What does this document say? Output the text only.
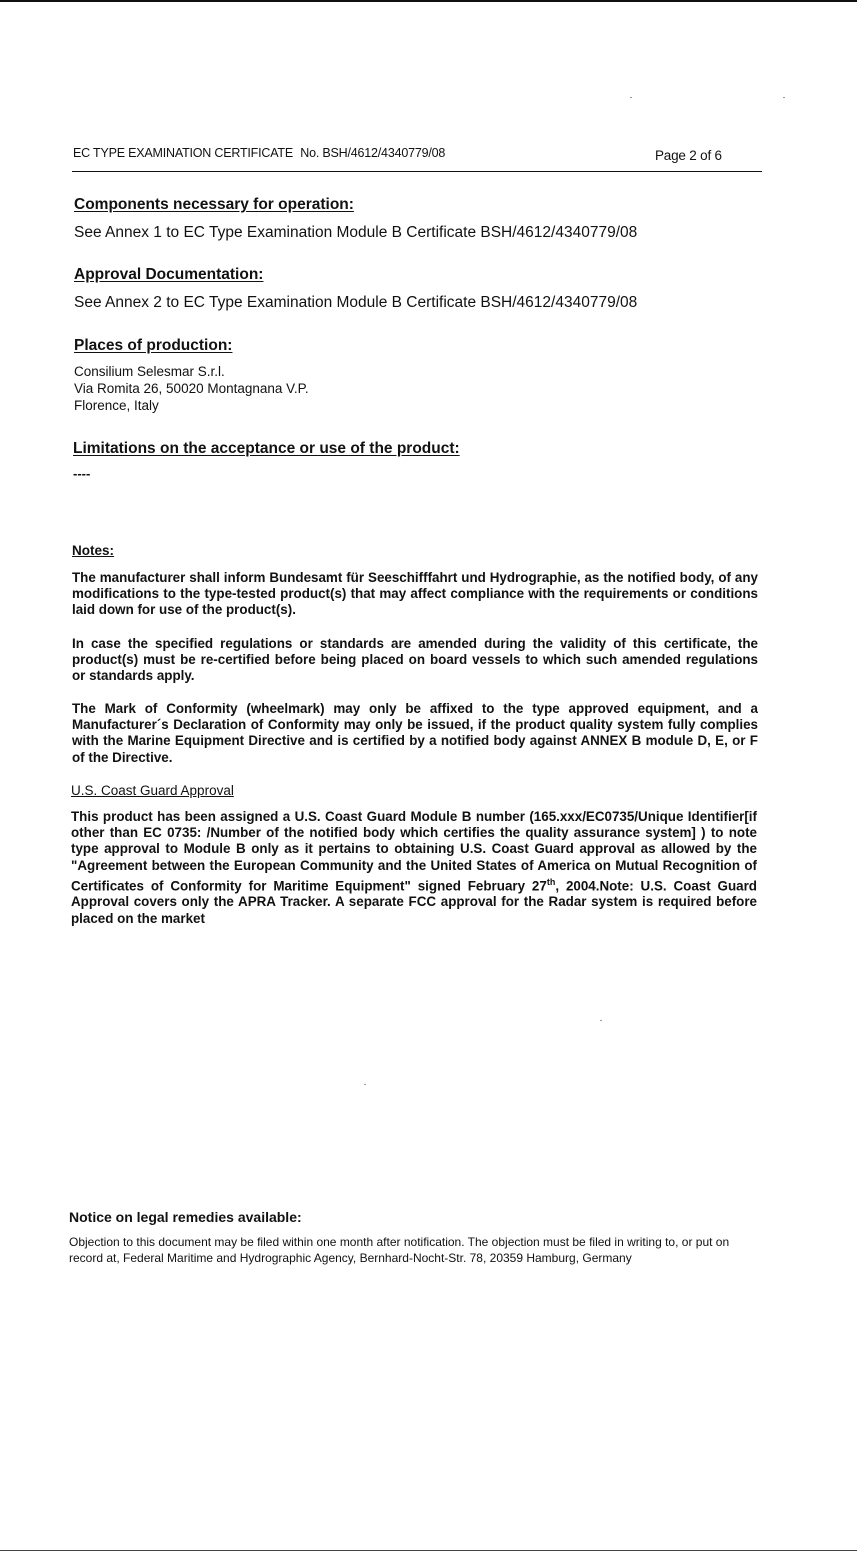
EC TYPE EXAMINATION CERTIFICATE No. BSH/4612/4340779/08	Page 2 of 6
Components necessary for operation:
See Annex 1 to EC Type Examination Module B Certificate BSH/4612/4340779/08
Approval Documentation:
See Annex 2 to EC Type Examination Module B Certificate BSH/4612/4340779/08
Places of production:
Consilium Selesmar S.r.l.
Via Romita 26, 50020 Montagnana V.P.
Florence, Italy
Limitations on the acceptance or use of the product:
----
Notes:
The manufacturer shall inform Bundesamt für Seeschifffahrt und Hydrographie, as the notified body, of any modifications to the type-tested product(s) that may affect compliance with the requirements or conditions laid down for use of the product(s).
In case the specified regulations or standards are amended during the validity of this certificate, the product(s) must be re-certified before being placed on board vessels to which such amended regulations or standards apply.
The Mark of Conformity (wheelmark) may only be affixed to the type approved equipment, and a Manufacturer´s Declaration of Conformity may only be issued, if the product quality system fully complies with the Marine Equipment Directive and is certified by a notified body against ANNEX B module D, E, or F of the Directive.
U.S. Coast Guard Approval
This product has been assigned a U.S. Coast Guard Module B number (165.xxx/EC0735/Unique Identifier[if other than EC 0735: /Number of the notified body which certifies the quality assurance system] ) to note type approval to Module B only as it pertains to obtaining U.S. Coast Guard approval as allowed by the "Agreement between the European Community and the United States of America on Mutual Recognition of Certificates of Conformity for Maritime Equipment" signed February 27th, 2004.Note: U.S. Coast Guard Approval covers only the APRA Tracker. A separate FCC approval for the Radar system is required before placed on the market
Notice on legal remedies available:
Objection to this document may be filed within one month after notification. The objection must be filed in writing to, or put on record at, Federal Maritime and Hydrographic Agency, Bernhard-Nocht-Str. 78, 20359 Hamburg, Germany
